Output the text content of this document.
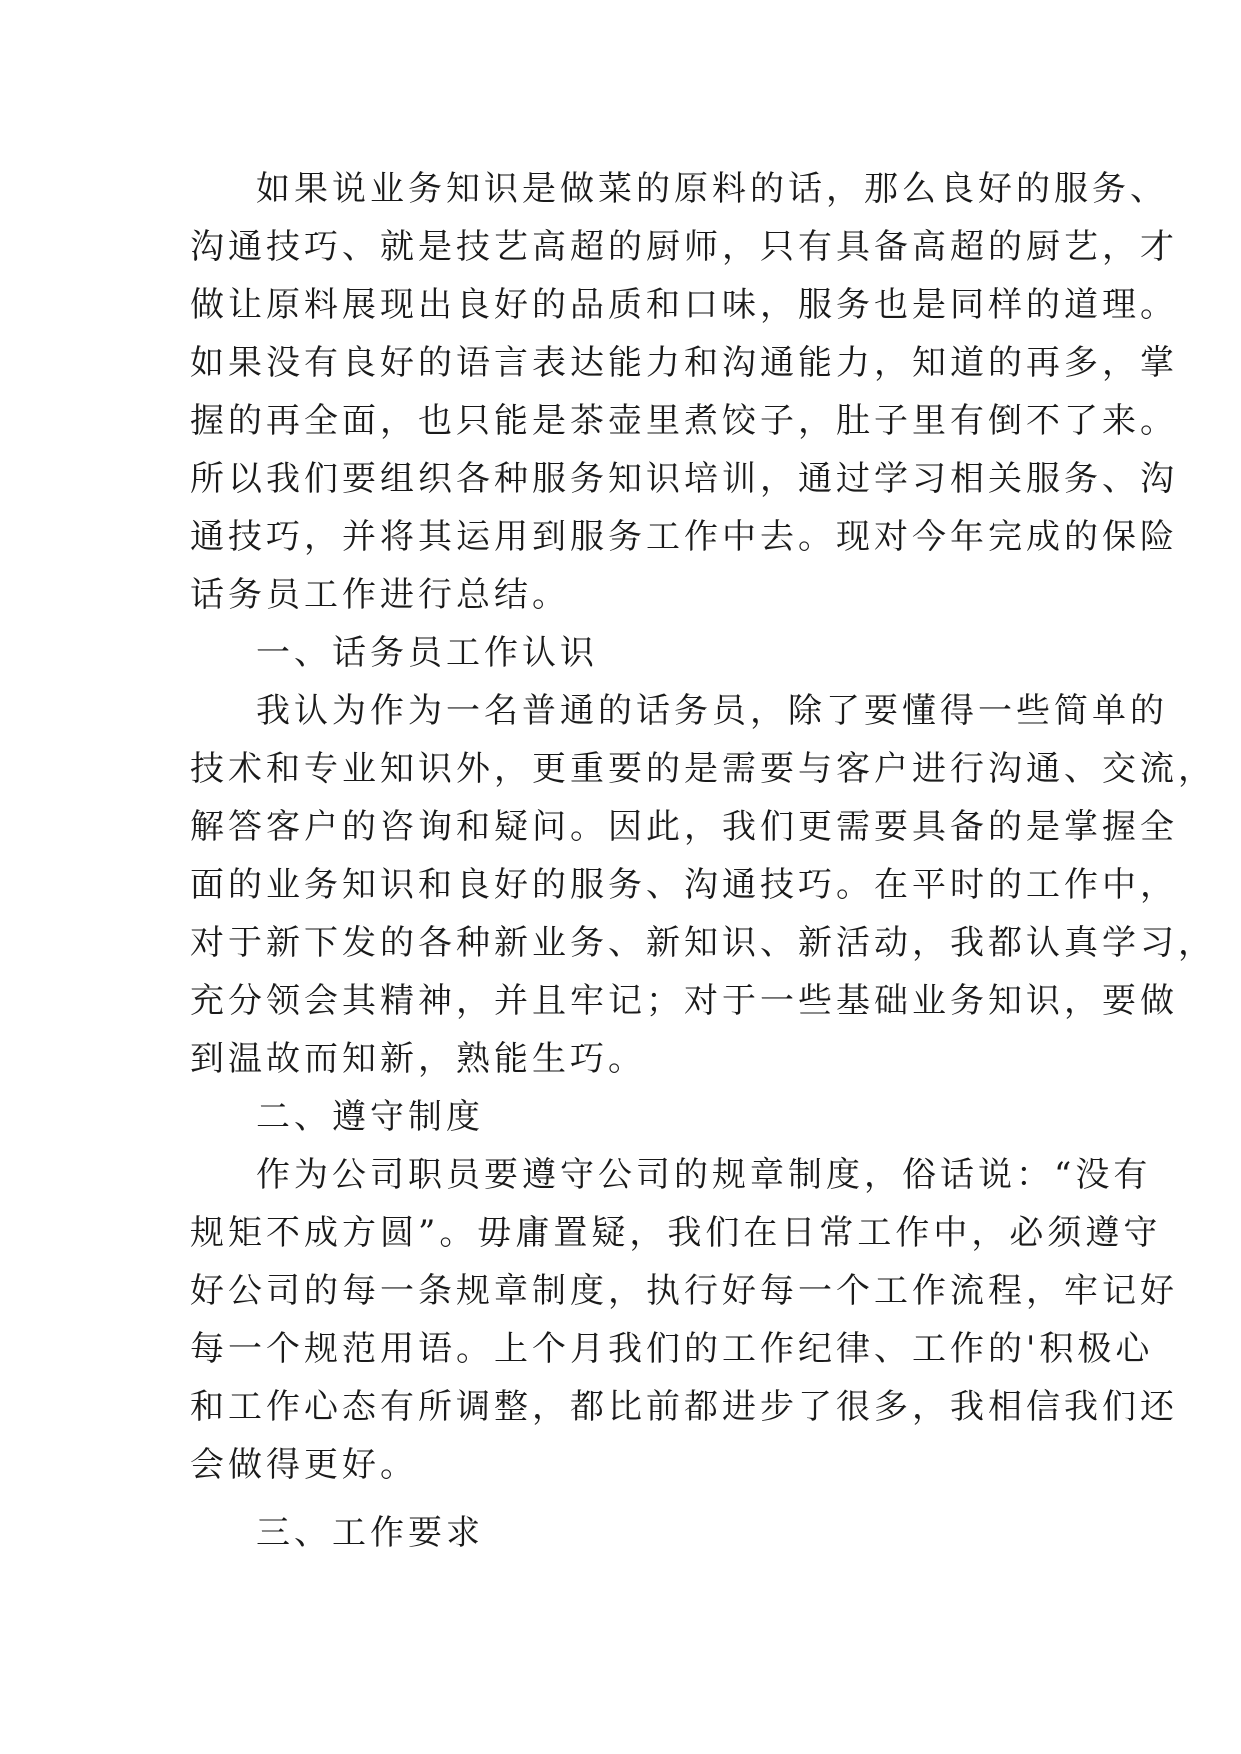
如果说业务知识是做菜的原料的话，那么良好的服务、
沟通技巧、就是技艺高超的厨师，只有具备高超的厨艺，才
做让原料展现出良好的品质和口味，服务也是同样的道理。
如果没有良好的语言表达能力和沟通能力，知道的再多，掌
握的再全面，也只能是茶壶里煮饺子，肚子里有倒不了来。
所以我们要组织各种服务知识培训，通过学习相关服务、沟
通技巧，并将其运用到服务工作中去。现对今年完成的保险
话务员工作进行总结。
一、话务员工作认识
我认为作为一名普通的话务员，除了要懂得一些简单的
技术和专业知识外，更重要的是需要与客户进行沟通、交流，
解答客户的咨询和疑问。因此，我们更需要具备的是掌握全
面的业务知识和良好的服务、沟通技巧。在平时的工作中，
对于新下发的各种新业务、新知识、新活动，我都认真学习，
充分领会其精神，并且牢记；对于一些基础业务知识，要做
到温故而知新，熟能生巧。
二、遵守制度
作为公司职员要遵守公司的规章制度，俗话说：“没有
规矩不成方圆”。毋庸置疑，我们在日常工作中，必须遵守
好公司的每一条规章制度，执行好每一个工作流程，牢记好
每一个规范用语。上个月我们的工作纪律、工作的'积极心
和工作心态有所调整，都比前都进步了很多，我相信我们还
会做得更好。
三、工作要求
